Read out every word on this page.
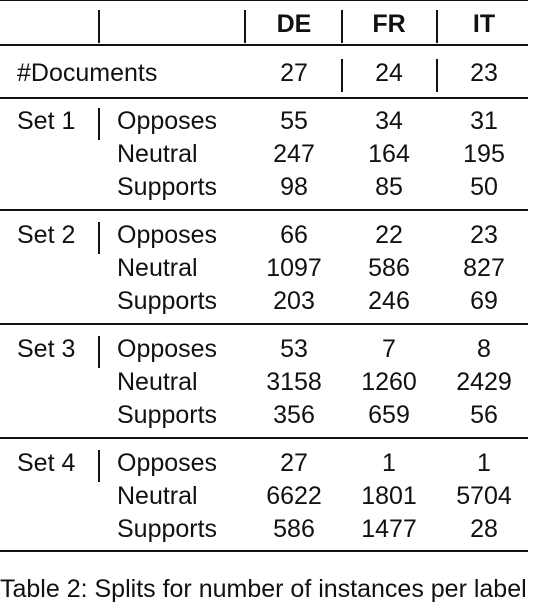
DE	FR	IT
#Documents	27	24	23
Set 1 Opposes	55	34	31
Neutral	247	164	195
Supports	98	85	50
Set 2 Opposes	66	22	23
Neutral	1097	586	827
Supports	203	246	69
Set 3 Opposes	53	7	8
Neutral	3158	1260	2429
Supports	356	659	56
Set 4 Opposes	27	1	1
Neutral	6622	1801	5704
Supports	586	1477	28
Table 2: Splits for number of instances per label
